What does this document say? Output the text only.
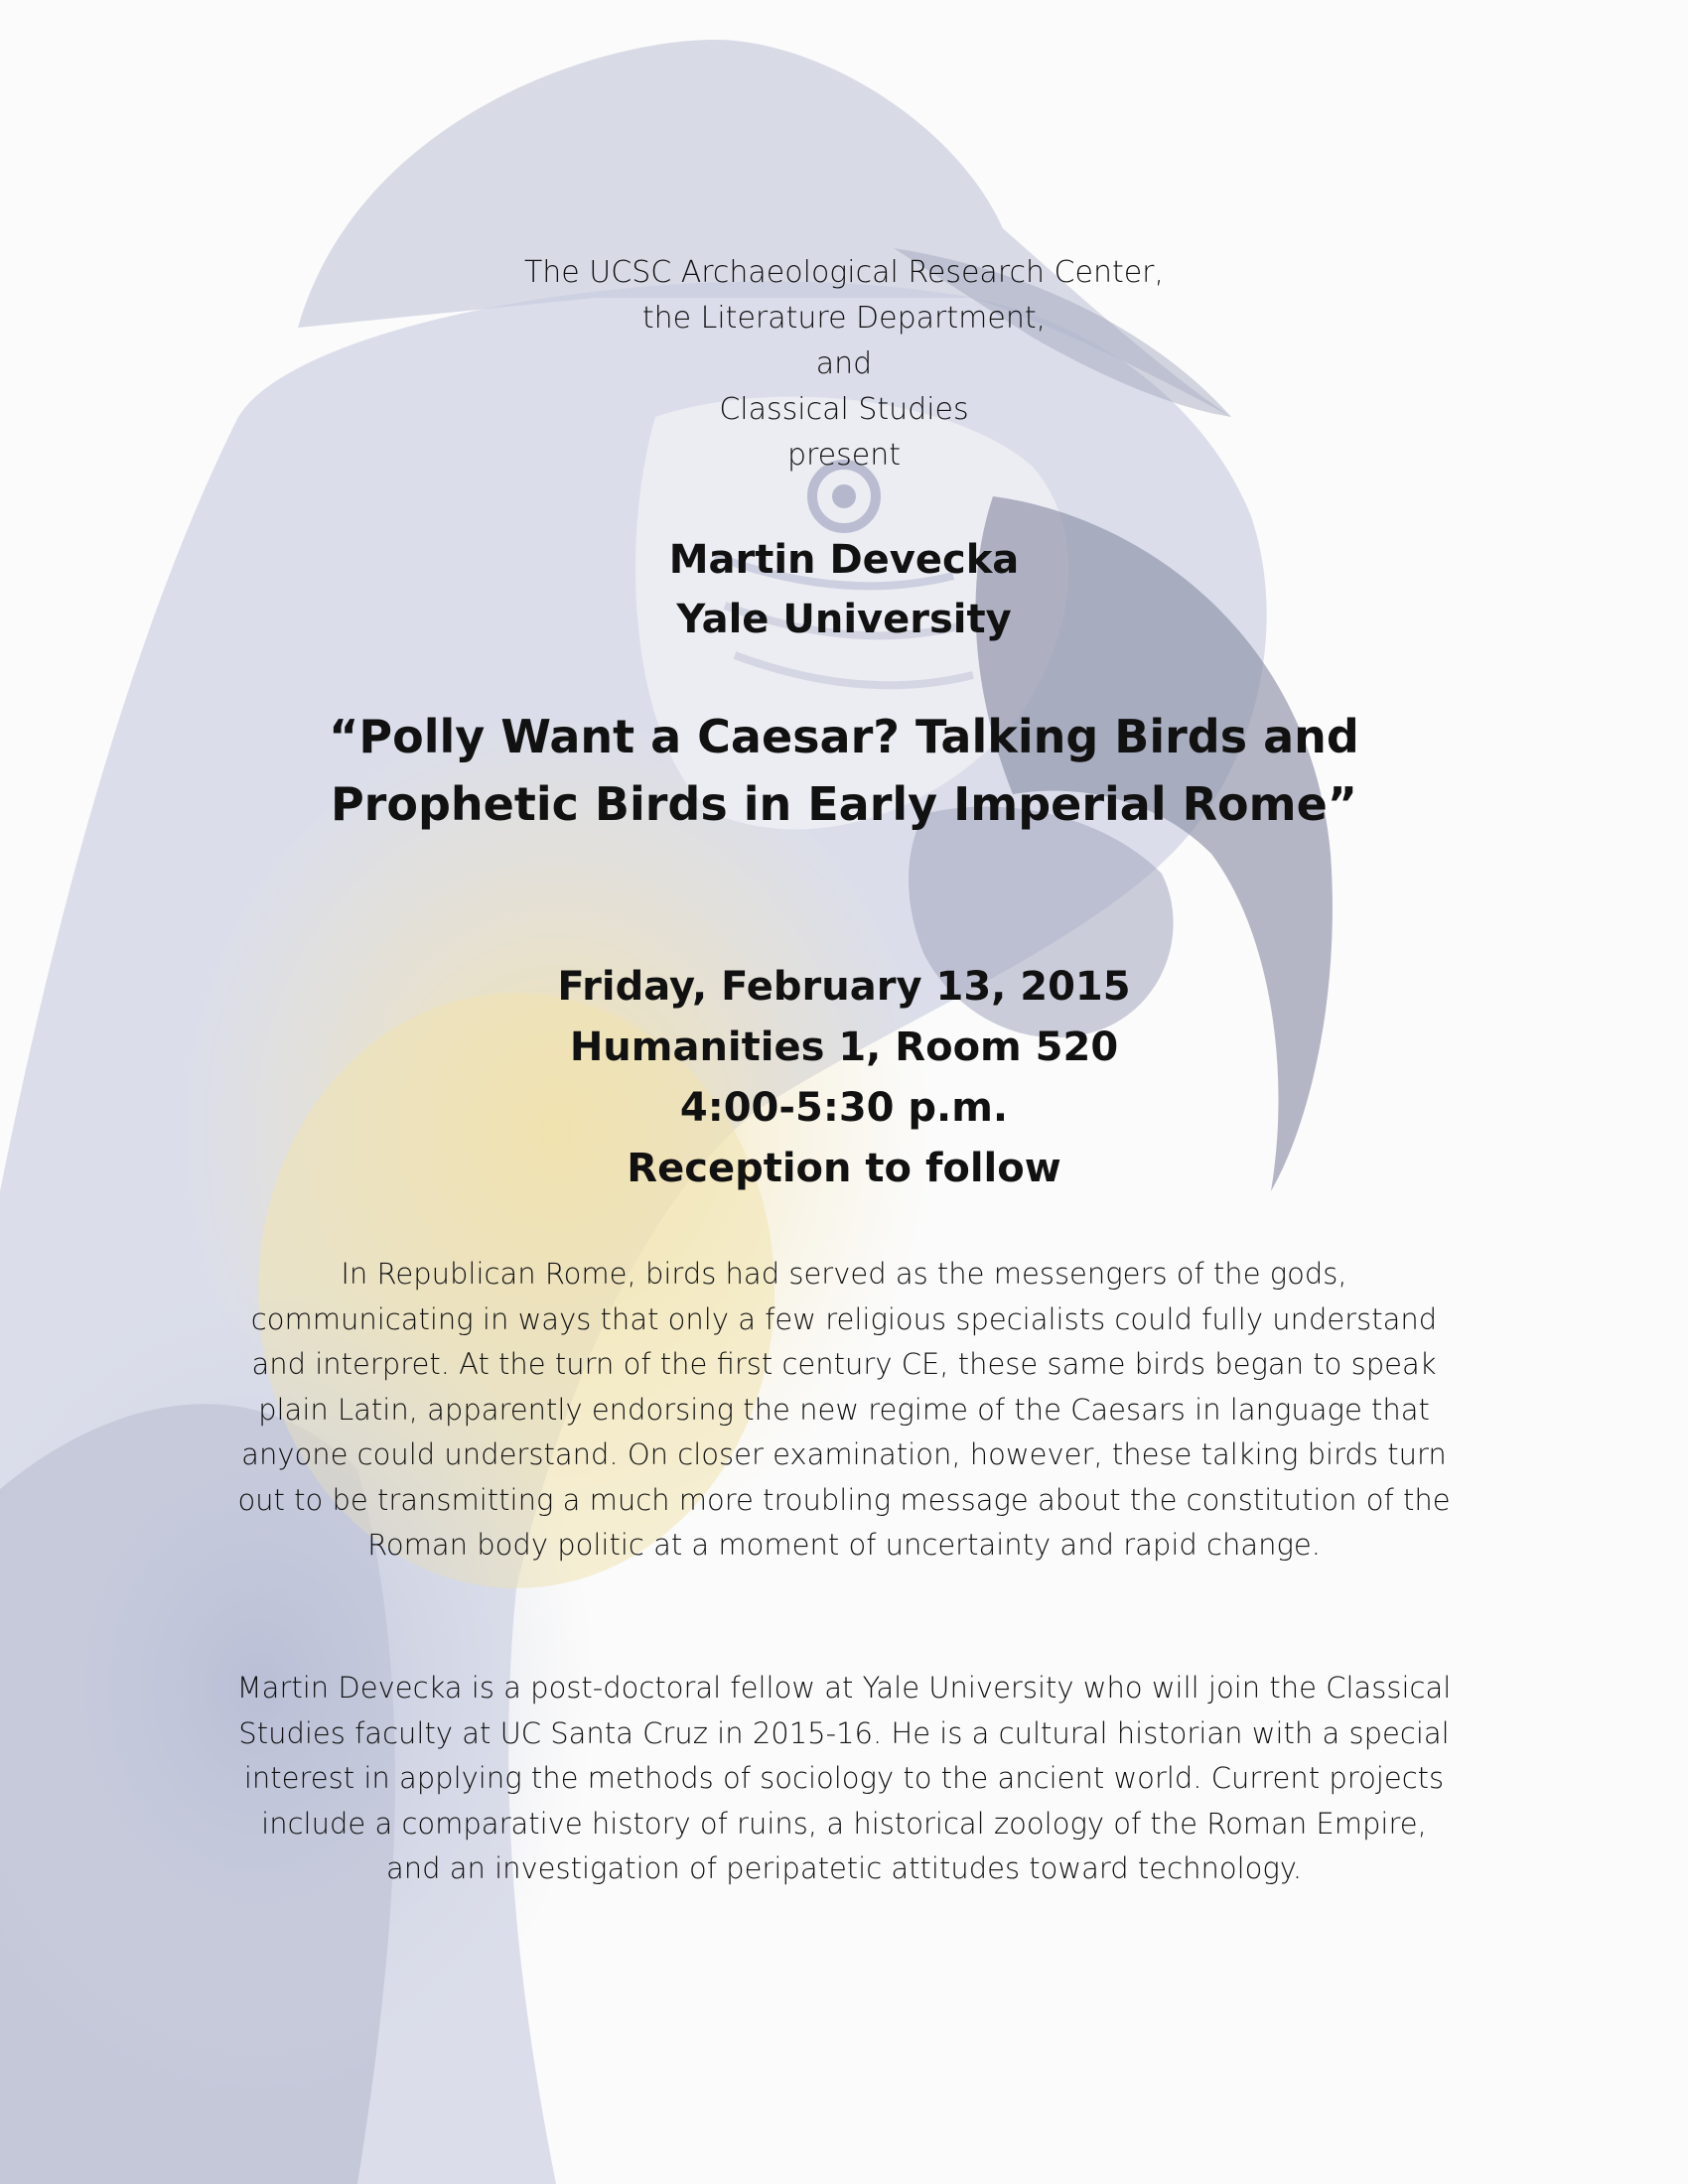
The UCSC Archaeological Research Center,
the Literature Department,
and
Classical Studies
present
Martin Devecka
Yale University
“Polly Want a Caesar? Talking Birds and Prophetic Birds in Early Imperial Rome”
Friday, February 13, 2015
Humanities 1, Room 520
4:00-5:30 p.m.
Reception to follow

In Republican Rome, birds had served as the messengers of the gods, communicating in ways that only a few religious specialists could fully understand and interpret. At the turn of the first century CE, these same birds began to speak plain Latin, apparently endorsing the new regime of the Caesars in language that anyone could understand. On closer examination, however, these talking birds turn out to be transmitting a much more troubling message about the constitution of the Roman body politic at a moment of uncertainty and rapid change.

Martin Devecka is a post-doctoral fellow at Yale University who will join the Classical Studies faculty at UC Santa Cruz in 2015-16. He is a cultural historian with a special interest in applying the methods of sociology to the ancient world. Current projects include a comparative history of ruins, a historical zoology of the Roman Empire, and an investigation of peripatetic attitudes toward technology.
